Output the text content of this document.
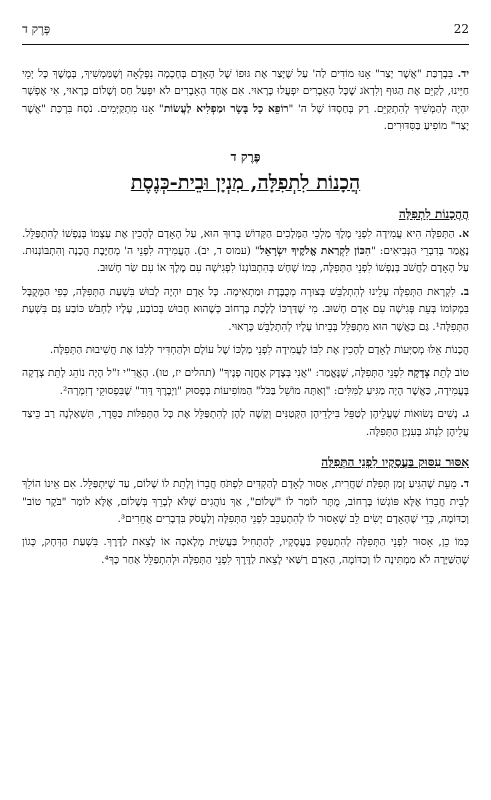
22
פֶּרֶק ד

יד. בִּבְרְכַּת "אֲשֶׁר יָצַר" אָנוּ מוֹדִים לַה' עַל שֶׁיָּצַר אֶת גּוּפוֹ שֶׁל הָאָדָם בְּחָכְמָה נִפְלָאָה וְשֶׁמַּמְשִׁיךְ, בְּמֶשֶׁךְ כָּל יְמֵי חַיֵּינוּ, לְקַיֵּם אֶת הַגּוּף וְלִדְאֹג שֶׁכָּל הָאֵבָרִים יִפְעֲלוּ כָּרָאוּי. אִם אֶחָד הָאֵבָרִים לֹא יִפְעַל חַס וְשָׁלוֹם כָּרָאוּי, אִי אֶפְשָׁר יִהְיֶה לְהַמְשִׁיךְ לְהִתְקַיֵּם. רַק בְּחַסְדּוֹ שֶׁל ה' "רוֹפֵא כָל בָּשָׂר וּמַפְלִיא לַעֲשׂוֹת" אָנוּ מִתְקַיְּמִים. נֹסַח בִּרְכַּת "אֲשֶׁר יָצַר" מוֹפִיעַ בַּסִּדּוּרִים.

פֶּרֶק ד
הֲכָנוֹת לִתְפִלָּה, מִנְיָן וּבֵית-כְּנֶסֶת
הֲהֲכָנוֹת לִתְפִלָּה

א. הַתְּפִלָּה הִיא עֲמִידָה לִפְנֵי מֶלֶךְ מַלְכֵי הַמְּלָכִים הַקָּדוֹשׁ בָּרוּךְ הוּא, עַל הָאָדָם לְהָכִין אֶת עַצְמוֹ בְּנַפְשׁוֹ לְהִתְפַּלֵּל. נֶאֱמַר בְּדִבְרֵי הַנְּבִיאִים: "הִכּוֹן לִקְרַאת אֱלֹקֶיךָ יִשְׂרָאֵל" (עמוס ד, יב). הָעֲמִידָה לִפְנֵי ה' מְחַיֶּבֶת הֲכָנָה וְהִתְבּוֹנְנוּת. עַל הָאָדָם לַחֲשֹׁב בְּנַפְשׁוֹ לִפְנֵי הַתְּפִלָּה, כְּמוֹ שֶׁחָשׁ בְּהִתְבּוֹנְנוֹ לִפְגִישָׁה עִם מֶלֶךְ אוֹ עִם שַׂר חָשׁוּב.

ב. לִקְרָאת הַתְּפִלָּה עָלֵינוּ לְהִתְלַבֵּשׁ בְּצוּרָה מְכֻבֶּדֶת וּמַתְאִימָה. כָּל אָדָם יִהְיֶה לָבוּשׁ בִּשְׁעַת הַתְּפִלָּה, כְּפִי הַמְּקֻבָּל בִּמְקוֹמוֹ בְּעֵת פְּגִישָׁה עִם אָדָם חָשׁוּב. מִי שֶׁדַּרְכּוֹ לָלֶכֶת בָּרְחוֹב כְּשֶׁהוּא חָבוּשׁ בְּכוֹבַע, עָלָיו לַחְבֹּשׁ כּוֹבַע גַּם בִּשְׁעַת הַתְּפִלָּה¹. גַּם כַּאֲשֶׁר הוּא מִתְפַּלֵּל בְּבֵיתוֹ עָלָיו לְהִתְלַבֵּשׁ כָּרָאוּי.

הֲכָנוֹת אֵלּוּ מְסַיְּעוֹת לָאָדָם לְהָכִין אֶת לִבּוֹ לַעֲמִידָה לִפְנֵי מַלְכּוֹ שֶׁל עוֹלָם וּלְהַחְדִּיר לְלִבּוֹ אֶת חֲשִׁיבוּת הַתְּפִלָּה.

טוֹב לָתֵת צְדָקָה לִפְנֵי הַתְּפִלָּה, שֶׁנֶּאֱמַר: "אֲנִי בְּצֶדֶק אֶחֱזֶה פָנֶיךָ" (תהלים יז, טו). הָאֲרִ"י ז"ל הָיָה נוֹהֵג לָתֵת צְדָקָה בָּעֲמִידָה, כַּאֲשֶׁר הָיָה מַגִּיעַ לַמִּלִּים: "וְאַתָּה מוֹשֵׁל בַּכֹּל" הַמּוֹפִיעוֹת בְּפָסוּק "וַיְבָרֶךְ דָּוִד" שֶׁבִּפְסוּקֵי דְזִמְרָה².

ג. נָשִׁים נְשׂוּאוֹת שֶׁעֲלֵיהֶן לְטַפֵּל בִּילָדֵיהֶן הַקְּטַנִּים וְקָשֶׁה לָהֶן לְהִתְפַּלֵּל אֶת כָּל הַתְּפִלּוֹת כַּסֵּדֶר, תִּשְׁאַלְנָה רַב כֵּיצַד עֲלֵיהֶן לִנְהֹג בְּעִנְיַן הַתְּפִלָּה.

אִסּוּר עִסּוּק בַּעֲסָקָיו לִפְנֵי הַתְּפִלָּה

ד. מֵעֵת שֶׁהִגִּיעַ זְמַן תְּפִלַּת שַׁחֲרִית, אָסוּר לְאָדָם לְהַקְדִּים לִפְתֹּחַ חֲבֵרוֹ וְלָתֵת לוֹ שָׁלוֹם, עַד שֶׁיִּתְפַּלֵּל. אִם אֵינוֹ הוֹלֵךְ לְבֵית חֲבֵרוֹ אֶלָּא פּוֹגְשׁוֹ בָּרְחוֹב, מֻתָּר לוֹמַר לוֹ "שָׁלוֹם", אַךְ נוֹהֲגִים שֶׁלֹּא לְבָרֵךְ בְּשָׁלוֹם, אֶלָּא לוֹמַר "בֹּקֶר טוֹב" וְכַדּוֹמֶה, כְּדֵי שֶׁהָאָדָם יָשִׂים לֵב שֶׁאָסוּר לוֹ לְהִתְעַכֵּב לִפְנֵי הַתְּפִלָּה וְלַעֲסֹק בִּדְבָרִים אֲחֵרִים³.

כְּמוֹ כֵן, אָסוּר לִפְנֵי הַתְּפִלָּה לְהִתְעַסֵּק בַּעֲסָקָיו, לְהַתְחִיל בַּעֲשִׂיַּת מְלָאכָה אוֹ לָצֵאת לַדֶּרֶךְ. בִּשְׁעַת הַדְּחָק, כְּגוֹן שֶׁהַשַּׁיָּרָה לֹא מַמְתִּינָה לוֹ וְכַדּוֹמֶה, הָאָדָם רַשַּׁאי לָצֵאת לַדֶּרֶךְ לִפְנֵי הַתְּפִלָּה וּלְהִתְפַּלֵּל אַחַר כָּךְ⁴.
